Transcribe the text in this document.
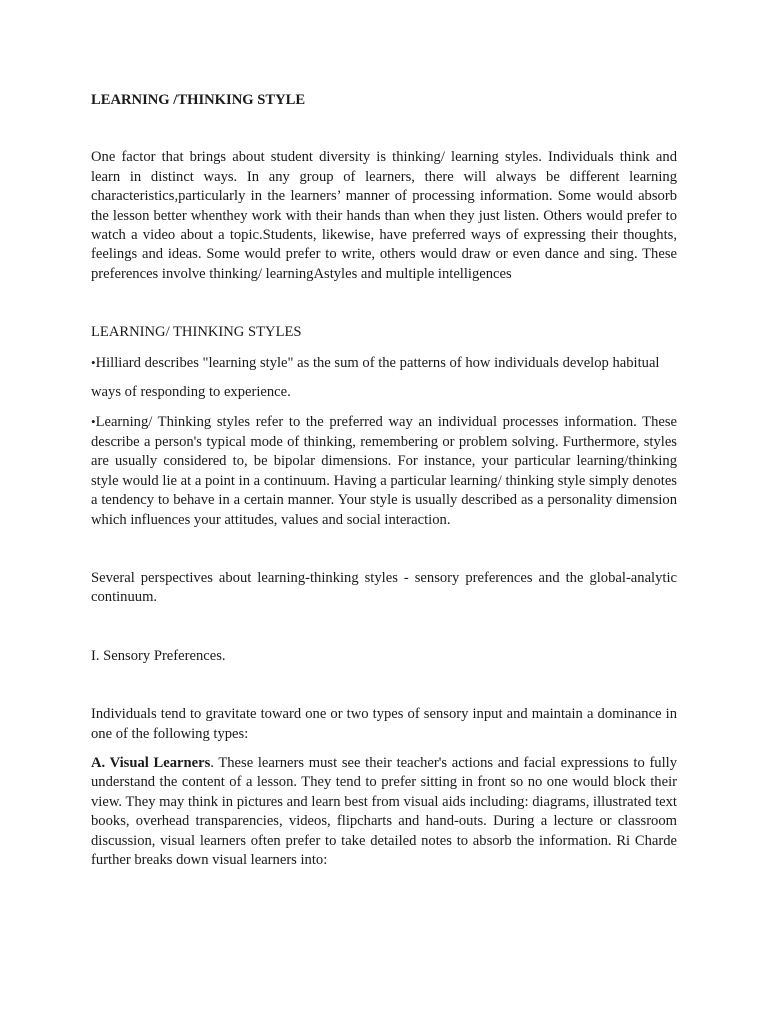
LEARNING /THINKING STYLE

One factor that brings about student diversity is thinking/ learning styles. Individuals think and learn in distinct ways. In any group of learners, there will always be different learning characteristics,particularly in the learners’ manner of processing information. Some would absorb the lesson better whenthey work with their hands than when they just listen. Others would prefer to watch a video about a topic.Students, likewise, have preferred ways of expressing their thoughts, feelings and ideas. Some would prefer to write, others would draw or even dance and sing. These preferences involve thinking/ learningAstyles and multiple intelligences

LEARNING/ THINKING STYLES

• Hilliard describes "learning style" as the sum of the patterns of how individuals develop habitual

ways of responding to experience.

• Learning/ Thinking styles refer to the preferred way an individual processes information. These describe a person's typical mode of thinking, remembering or problem solving. Furthermore, styles are usually considered to, be bipolar dimensions. For instance, your particular learning/thinking style would lie at a point in a continuum. Having a particular learning/ thinking style simply denotes a tendency to behave in a certain manner. Your style is usually described as a personality dimension which influences your attitudes, values and social interaction.

Several perspectives about learning-thinking styles - sensory preferences and the global-analytic continuum.

I. Sensory Preferences.

Individuals tend to gravitate toward one or two types of sensory input and maintain a dominance in one of the following types:

A. Visual Learners. These learners must see their teacher's actions and facial expressions to fully understand the content of a lesson. They tend to prefer sitting in front so no one would block their view. They may think in pictures and learn best from visual aids including: diagrams, illustrated text books, overhead transparencies, videos, flipcharts and hand-outs. During a lecture or classroom discussion, visual learners often prefer to take detailed notes to absorb the information. Ri Charde further breaks down visual learners into:
